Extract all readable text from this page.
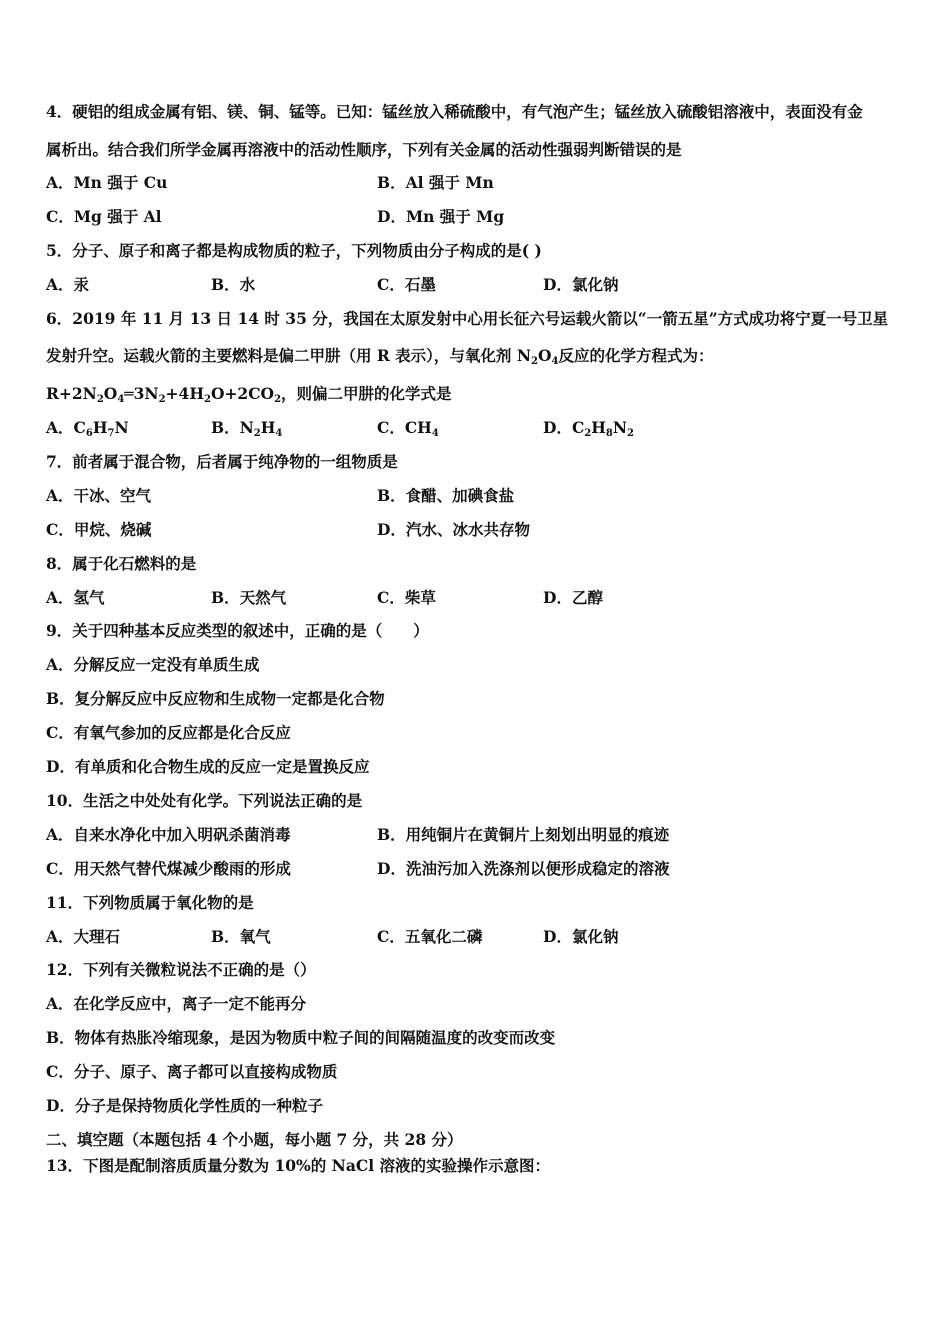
4．硬铝的组成金属有铝、镁、铜、锰等。已知：锰丝放入稀硫酸中，有气泡产生；锰丝放入硫酸铝溶液中，表面没有金
属析出。结合我们所学金属再溶液中的活动性顺序，下列有关金属的活动性强弱判断错误的是
A．Mn 强于 Cu	B．Al 强于 Mn
C．Mg 强于 Al	D．Mn 强于 Mg
5．分子、原子和离子都是构成物质的粒子，下列物质由分子构成的是( )
A．汞	B．水	C．石墨	D．氯化钠
6．2019 年 11 月 13 日 14 时 35 分，我国在太原发射中心用长征六号运载火箭以“一箭五星”方式成功将宁夏一号卫星
发射升空。运载火箭的主要燃料是偏二甲肼（用 R 表示），与氧化剂 $N_2O_4$反应的化学方程式为：
$R+2N_2O_4═3N_2+4H_2O+2CO_2$，则偏二甲肼的化学式是
A．$C_6H_7N$	B．$N_2H_4$	C．$CH_4$	D．$C_2H_8N_2$
7．前者属于混合物，后者属于纯净物的一组物质是
A．干冰、空气	B．食醋、加碘食盐
C．甲烷、烧碱	D．汽水、冰水共存物
8．属于化石燃料的是
A．氢气	B．天然气	C．柴草	D．乙醇
9．关于四种基本反应类型的叙述中，正确的是（　　）
A．分解反应一定没有单质生成
B．复分解反应中反应物和生成物一定都是化合物
C．有氧气参加的反应都是化合反应
D．有单质和化合物生成的反应一定是置换反应
10．生活之中处处有化学。下列说法正确的是
A．自来水净化中加入明矾杀菌消毒	B．用纯铜片在黄铜片上刻划出明显的痕迹
C．用天然气替代煤减少酸雨的形成	D．洗油污加入洗涤剂以便形成稳定的溶液
11．下列物质属于氧化物的是
A．大理石	B．氧气	C．五氧化二磷	D．氯化钠
12．下列有关微粒说法不正确的是（）
A．在化学反应中，离子一定不能再分
B．物体有热胀冷缩现象，是因为物质中粒子间的间隔随温度的改变而改变
C．分子、原子、离子都可以直接构成物质
D．分子是保持物质化学性质的一种粒子
二、填空题（本题包括 4 个小题，每小题 7 分，共 28 分）
13．下图是配制溶质质量分数为 10%的 NaCl 溶液的实验操作示意图：
